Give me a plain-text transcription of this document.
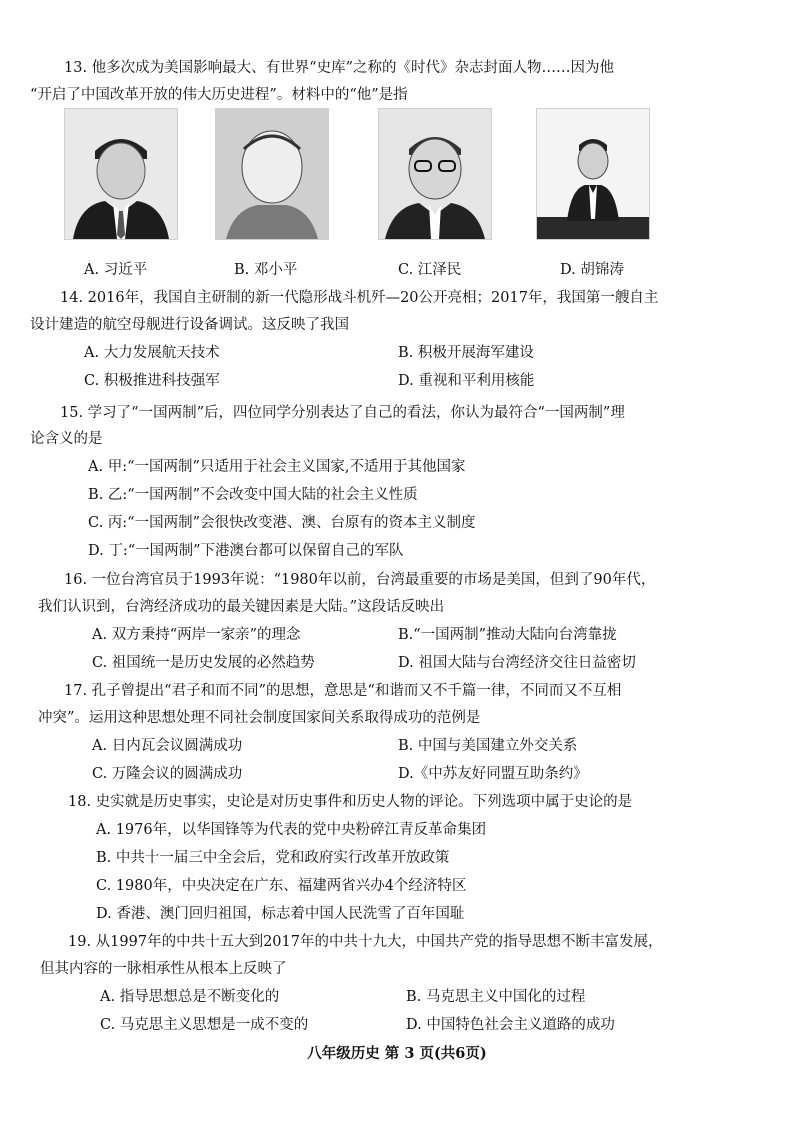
13. 他多次成为美国影响最大、有世界“史库”之称的《时代》杂志封面人物……因为他
“开启了中国改革开放的伟大历史进程”。材料中的“他”是指
A. 习近平	B. 邓小平	C. 江泽民	D. 胡锦涛
14. 2016年，我国自主研制的新一代隐形战斗机歼—20公开亮相；2017年，我国第一艘自主
设计建造的航空母舰进行设备调试。这反映了我国
A. 大力发展航天技术	B. 积极开展海军建设
C. 积极推进科技强军	D. 重视和平利用核能
15. 学习了“一国两制”后，四位同学分别表达了自己的看法，你认为最符合“一国两制”理
论含义的是
A. 甲:“一国两制”只适用于社会主义国家,不适用于其他国家
B. 乙:“一国两制”不会改变中国大陆的社会主义性质
C. 丙:“一国两制”会很快改变港、澳、台原有的资本主义制度
D. 丁:“一国两制”下港澳台都可以保留自己的军队
16. 一位台湾官员于1993年说：“1980年以前，台湾最重要的市场是美国，但到了90年代，
我们认识到，台湾经济成功的最关键因素是大陆。”这段话反映出
A. 双方秉持“两岸一家亲”的理念	B.“一国两制”推动大陆向台湾靠拢
C. 祖国统一是历史发展的必然趋势	D. 祖国大陆与台湾经济交往日益密切
17. 孔子曾提出“君子和而不同”的思想，意思是“和谐而又不千篇一律，不同而又不互相
冲突”。运用这种思想处理不同社会制度国家间关系取得成功的范例是
A. 日内瓦会议圆满成功	B. 中国与美国建立外交关系
C. 万隆会议的圆满成功	D.《中苏友好同盟互助条约》
18. 史实就是历史事实，史论是对历史事件和历史人物的评论。下列选项中属于史论的是
A. 1976年，以华国锋等为代表的党中央粉碎江青反革命集团
B. 中共十一届三中全会后，党和政府实行改革开放政策
C. 1980年，中央决定在广东、福建两省兴办4个经济特区
D. 香港、澳门回归祖国，标志着中国人民洗雪了百年国耻
19. 从1997年的中共十五大到2017年的中共十九大，中国共产党的指导思想不断丰富发展，
但其内容的一脉相承性从根本上反映了
A. 指导思想总是不断变化的	B. 马克思主义中国化的过程
C. 马克思主义思想是一成不变的	D. 中国特色社会主义道路的成功
八年级历史 第 3 页(共6页)
